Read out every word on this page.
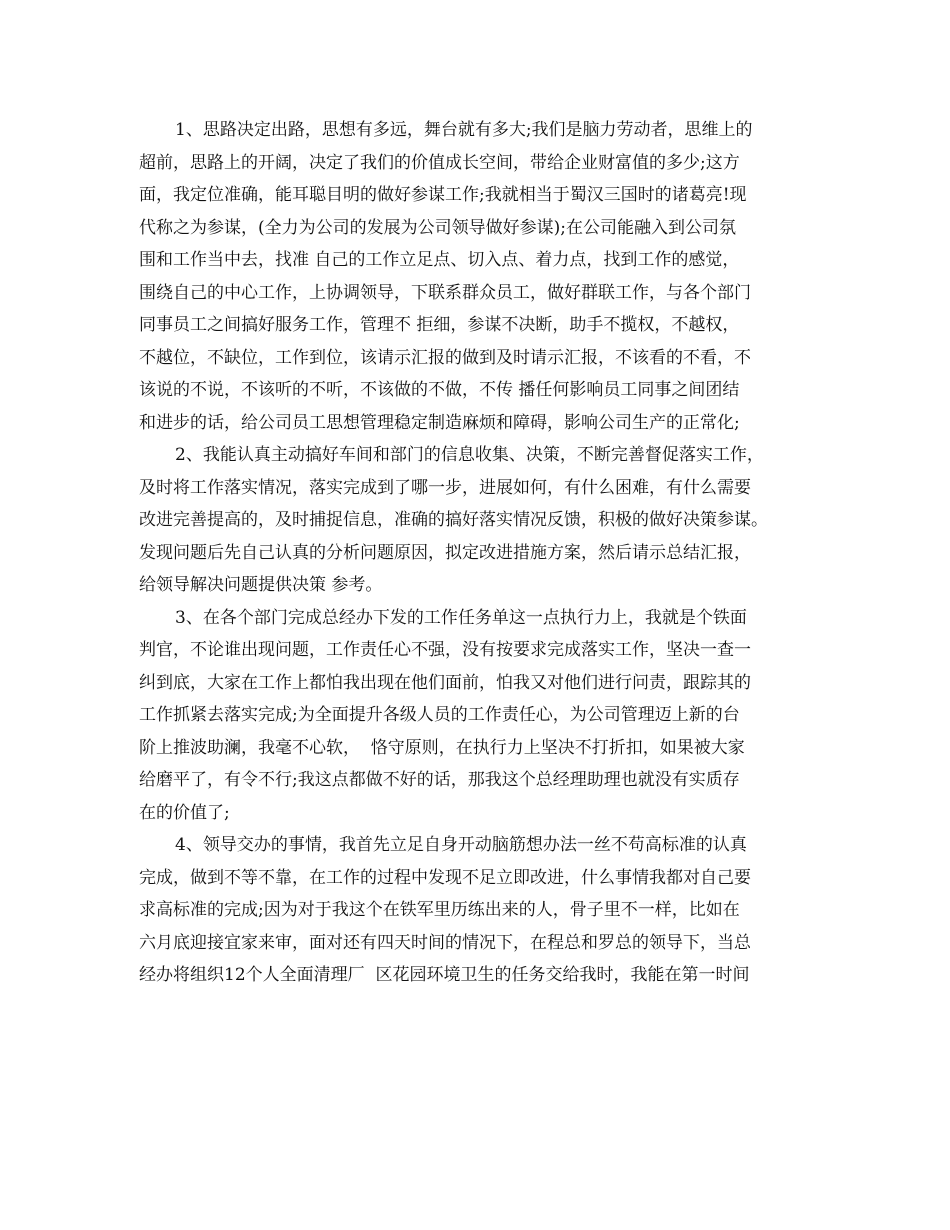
1、思路决定出路，思想有多远，舞台就有多大;我们是脑力劳动者，思维上的
超前，思路上的开阔，决定了我们的价值成长空间，带给企业财富值的多少;这方
面，我定位准确，能耳聪目明的做好参谋工作;我就相当于蜀汉三国时的诸葛亮!现
代称之为参谋，(全力为公司的发展为公司领导做好参谋);在公司能融入到公司氛
围和工作当中去，找准 自己的工作立足点、切入点、着力点，找到工作的感觉，
围绕自己的中心工作，上协调领导，下联系群众员工，做好群联工作，与各个部门
同事员工之间搞好服务工作，管理不 拒细，参谋不决断，助手不揽权，不越权，
不越位，不缺位，工作到位，该请示汇报的做到及时请示汇报，不该看的不看，不
该说的不说，不该听的不听，不该做的不做，不传 播任何影响员工同事之间团结
和进步的话，给公司员工思想管理稳定制造麻烦和障碍，影响公司生产的正常化;
2、我能认真主动搞好车间和部门的信息收集、决策，不断完善督促落实工作，
及时将工作落实情况，落实完成到了哪一步，进展如何，有什么困难，有什么需要
改进完善提高的，及时捕捉信息，准确的搞好落实情况反馈，积极的做好决策参谋。
发现问题后先自己认真的分析问题原因，拟定改进措施方案，然后请示总结汇报，
给领导解决问题提供决策 参考。
3、在各个部门完成总经办下发的工作任务单这一点执行力上，我就是个铁面
判官，不论谁出现问题，工作责任心不强，没有按要求完成落实工作，坚决一查一
纠到底，大家在工作上都怕我出现在他们面前，怕我又对他们进行问责，跟踪其的
工作抓紧去落实完成;为全面提升各级人员的工作责任心，为公司管理迈上新的台
阶上推波助澜，我毫不心软，  恪守原则，在执行力上坚决不打折扣，如果被大家
给磨平了，有令不行;我这点都做不好的话，那我这个总经理助理也就没有实质存
在的价值了;
4、领导交办的事情，我首先立足自身开动脑筋想办法一丝不苟高标准的认真
完成，做到不等不靠，在工作的过程中发现不足立即改进，什么事情我都对自己要
求高标准的完成;因为对于我这个在铁军里历练出来的人，骨子里不一样，比如在
六月底迎接宜家来审，面对还有四天时间的情况下，在程总和罗总的领导下，当总
经办将组织12个人全面清理厂  区花园环境卫生的任务交给我时，我能在第一时间
